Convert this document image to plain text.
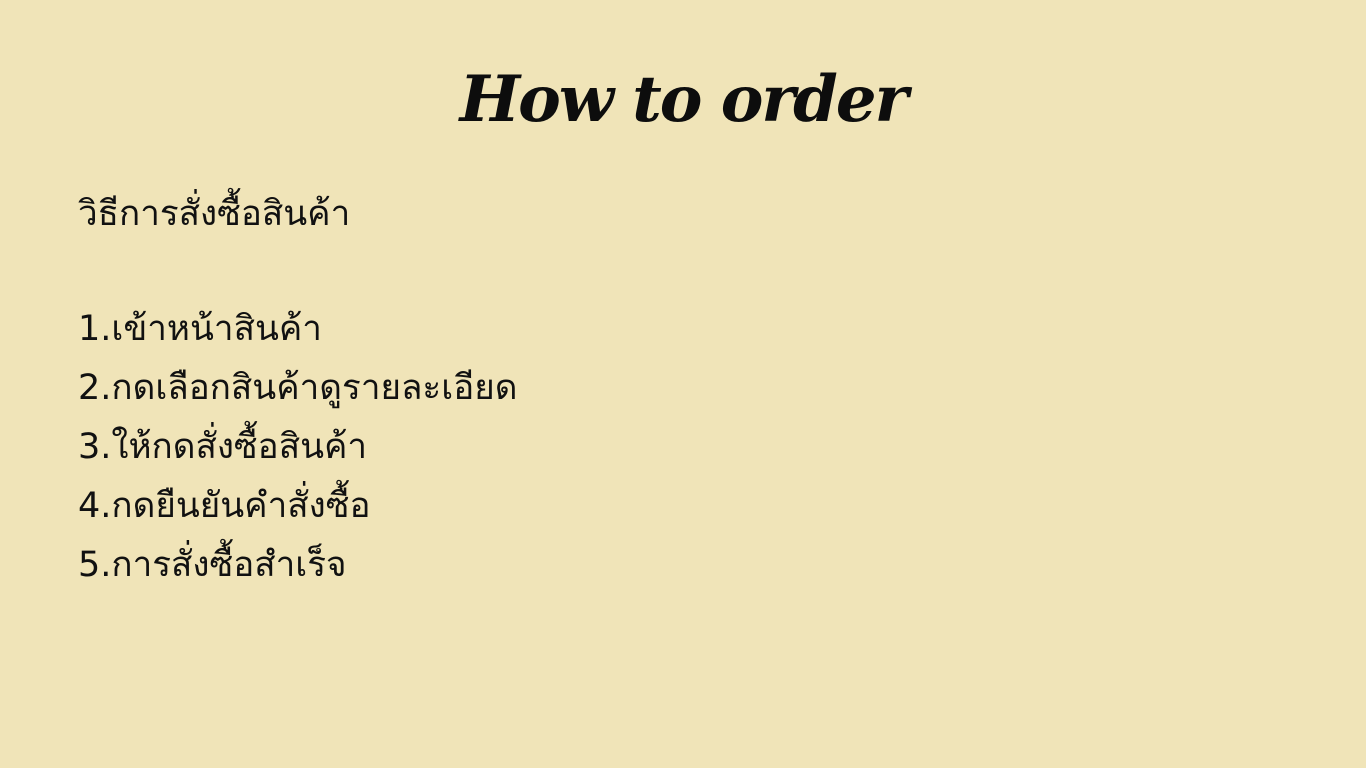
How to order
วิธีการสั่งซื้อสินค้า
1.เข้าหน้าสินค้า
2.กดเลือกสินค้าดูรายละเอียด
3.ให้กดสั่งซื้อสินค้า
4.กดยืนยันคำสั่งซื้อ
5.การสั่งซื้อสำเร็จ
